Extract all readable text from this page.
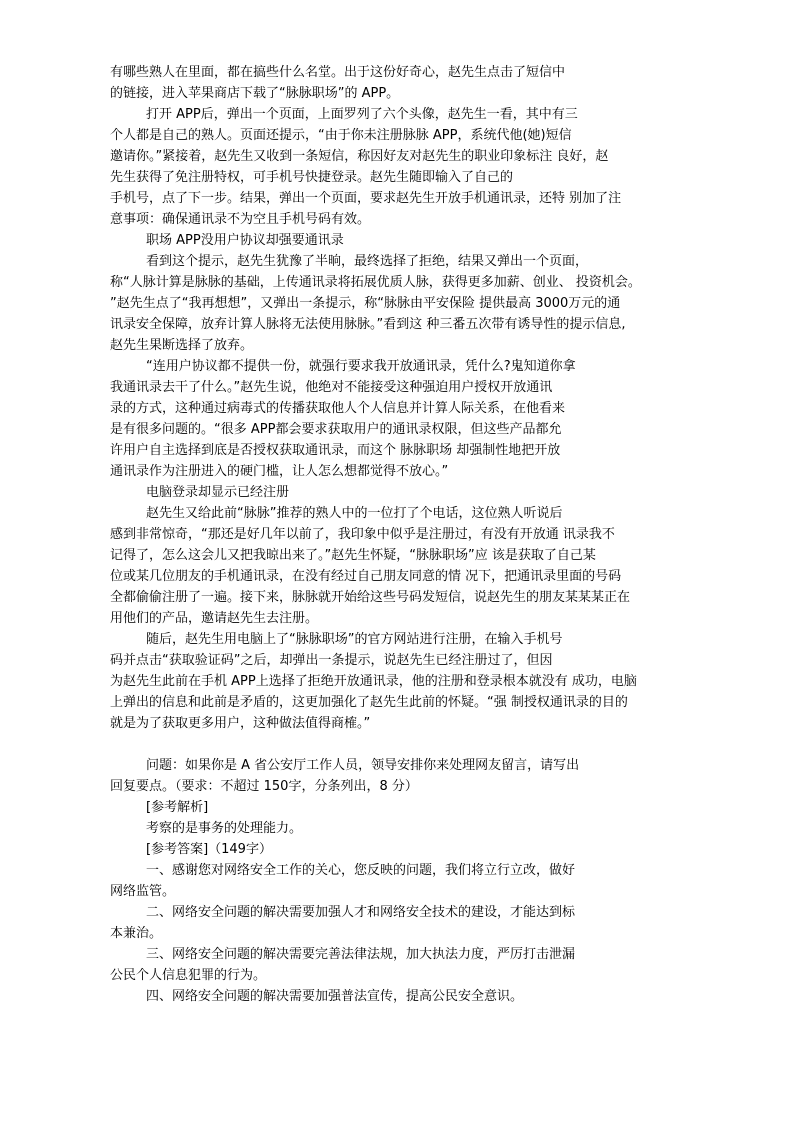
有哪些熟人在里面，都在搞些什么名堂。出于这份好奇心，赵先生点击了短信中
的链接，进入苹果商店下载了“脉脉职场”的 APP。
打开 APP后，弹出一个页面，上面罗列了六个头像，赵先生一看，其中有三
个人都是自己的熟人。页面还提示，“由于你未注册脉脉 APP，系统代他(她)短信
邀请你。”紧接着，赵先生又收到一条短信，称因好友对赵先生的职业印象标注 良好，赵
先生获得了免注册特权，可手机号快捷登录。赵先生随即输入了自己的
手机号，点了下一步。结果，弹出一个页面，要求赵先生开放手机通讯录，还特 别加了注
意事项：确保通讯录不为空且手机号码有效。
职场 APP没用户协议却强要通讯录
看到这个提示，赵先生犹豫了半晌，最终选择了拒绝，结果又弹出一个页面，
称“人脉计算是脉脉的基础，上传通讯录将拓展优质人脉，获得更多加薪、创业、 投资机会。
”赵先生点了“我再想想”，又弹出一条提示，称“脉脉由平安保险 提供最高 3000万元的通
讯录安全保障，放弃计算人脉将无法使用脉脉。”看到这 种三番五次带有诱导性的提示信息,
赵先生果断选择了放弃。
“连用户协议都不提供一份，就强行要求我开放通讯录，凭什么?鬼知道你拿
我通讯录去干了什么。”赵先生说，他绝对不能接受这种强迫用户授权开放通讯
录的方式，这种通过病毒式的传播获取他人个人信息并计算人际关系，在他看来
是有很多问题的。“很多 APP都会要求获取用户的通讯录权限，但这些产品都允
许用户自主选择到底是否授权获取通讯录，而这个 脉脉职场 却强制性地把开放
通讯录作为注册进入的硬门槛，让人怎么想都觉得不放心。”
电脑登录却显示已经注册
赵先生又给此前“脉脉”推荐的熟人中的一位打了个电话，这位熟人听说后
感到非常惊奇，“那还是好几年以前了，我印象中似乎是注册过，有没有开放通 讯录我不
记得了，怎么这会儿又把我晾出来了。”赵先生怀疑，“脉脉职场”应 该是获取了自己某
位或某几位朋友的手机通讯录，在没有经过自己朋友同意的情 况下，把通讯录里面的号码
全都偷偷注册了一遍。接下来，脉脉就开始给这些号码发短信，说赵先生的朋友某某某正在
用他们的产品，邀请赵先生去注册。
随后，赵先生用电脑上了“脉脉职场”的官方网站进行注册，在输入手机号
码并点击“获取验证码”之后，却弹出一条提示，说赵先生已经注册过了，但因
为赵先生此前在手机 APP上选择了拒绝开放通讯录，他的注册和登录根本就没有 成功，电脑
上弹出的信息和此前是矛盾的，这更加强化了赵先生此前的怀疑。“强 制授权通讯录的目的
就是为了获取更多用户，这种做法值得商榷。”
问题：如果你是 A 省公安厅工作人员，领导安排你来处理网友留言，请写出
回复要点。（要求：不超过 150字，分条列出，8 分）
[参考解析]
考察的是事务的处理能力。
[参考答案]（149字）
一、感谢您对网络安全工作的关心，您反映的问题，我们将立行立改，做好
网络监管。
二、网络安全问题的解决需要加强人才和网络安全技术的建设，才能达到标
本兼治。
三、网络安全问题的解决需要完善法律法规，加大执法力度，严厉打击泄漏
公民个人信息犯罪的行为。
四、网络安全问题的解决需要加强普法宣传，提高公民安全意识。
